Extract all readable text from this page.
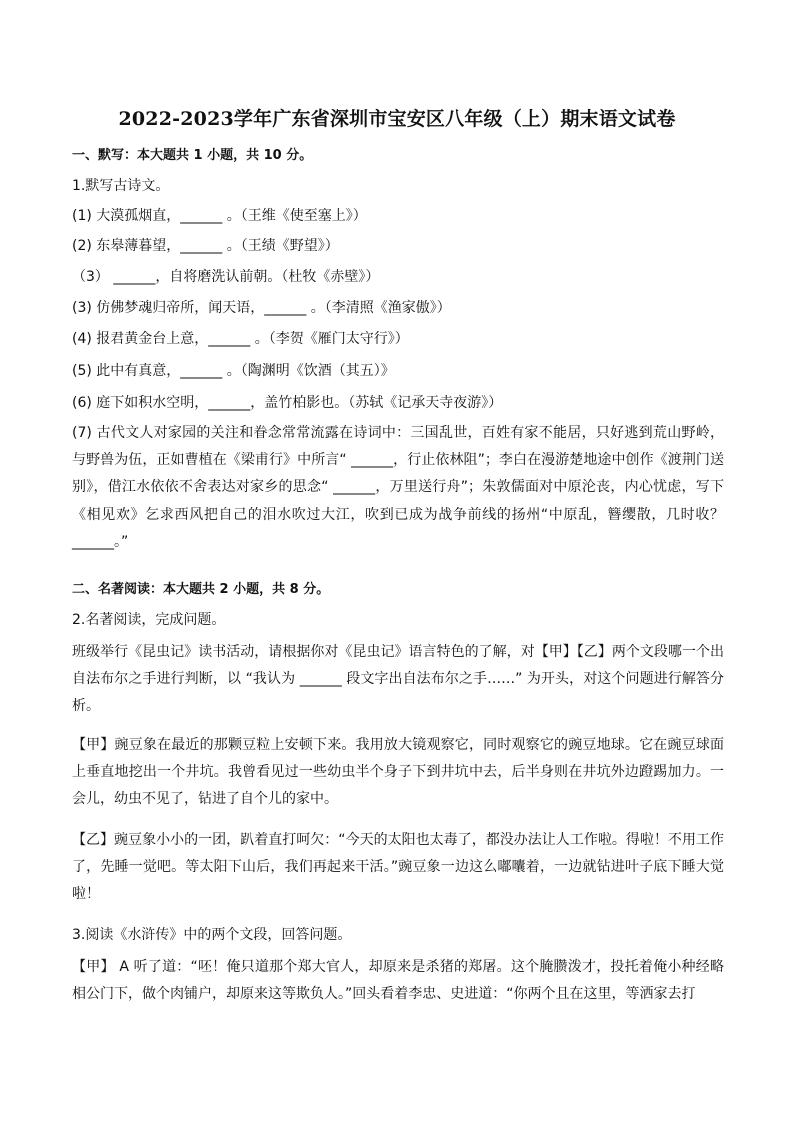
2022-2023学年广东省深圳市宝安区八年级（上）期末语文试卷
一、默写：本大题共 1 小题，共 10 分。
1.默写古诗文。
(1) 大漠孤烟直，______ 。（王维《使至塞上》）
(2) 东皋薄暮望，______ 。（王绩《野望》）
（3） ______，自将磨洗认前朝。（杜牧《赤壁》）
(3) 仿佛梦魂归帝所，闻天语，______ 。（李清照《渔家傲》）
(4) 报君黄金台上意，______ 。（李贺《雁门太守行》）
(5) 此中有真意，______ 。（陶渊明《饮酒（其五）》
(6) 庭下如积水空明，______，盖竹柏影也。（苏轼《记承天寺夜游》）
(7) 古代文人对家园的关注和眷念常常流露在诗词中：三国乱世，百姓有家不能居，只好逃到荒山野岭，与野兽为伍，正如曹植在《梁甫行》中所言“ ______，行止依林阻”；李白在漫游楚地途中创作《渡荆门送别》，借江水依依不舍表达对家乡的思念“ ______，万里送行舟”；朱敦儒面对中原沦丧，内心忧虑，写下《相见欢》乞求西风把自己的泪水吹过大江，吹到已成为战争前线的扬州“中原乱，簪缨散，几时收？______。”
二、名著阅读：本大题共 2 小题，共 8 分。
2.名著阅读，完成问题。
班级举行《昆虫记》读书活动，请根据你对《昆虫记》语言特色的了解，对【甲】【乙】两个文段哪一个出自法布尔之手进行判断，以 “我认为 ______ 段文字出自法布尔之手……” 为开头，对这个问题进行解答分析。
【甲】豌豆象在最近的那颗豆粒上安顿下来。我用放大镜观察它，同时观察它的豌豆地球。它在豌豆球面上垂直地挖出一个井坑。我曾看见过一些幼虫半个身子下到井坑中去，后半身则在井坑外边蹬踢加力。一会儿，幼虫不见了，钻进了自个儿的家中。
【乙】豌豆象小小的一团，趴着直打呵欠：“今天的太阳也太毒了，都没办法让人工作啦。得啦！不用工作了，先睡一觉吧。等太阳下山后，我们再起来干活。”豌豆象一边这么嘟囔着，一边就钻进叶子底下睡大觉啦！
3.阅读《水浒传》中的两个文段，回答问题。
【甲】 A 听了道：“呸！俺只道那个郑大官人，却原来是杀猪的郑屠。这个腌臜泼才，投托着俺小种经略相公门下，做个肉铺户，却原来这等欺负人。”回头看着李忠、史进道：“你两个且在这里，等洒家去打
